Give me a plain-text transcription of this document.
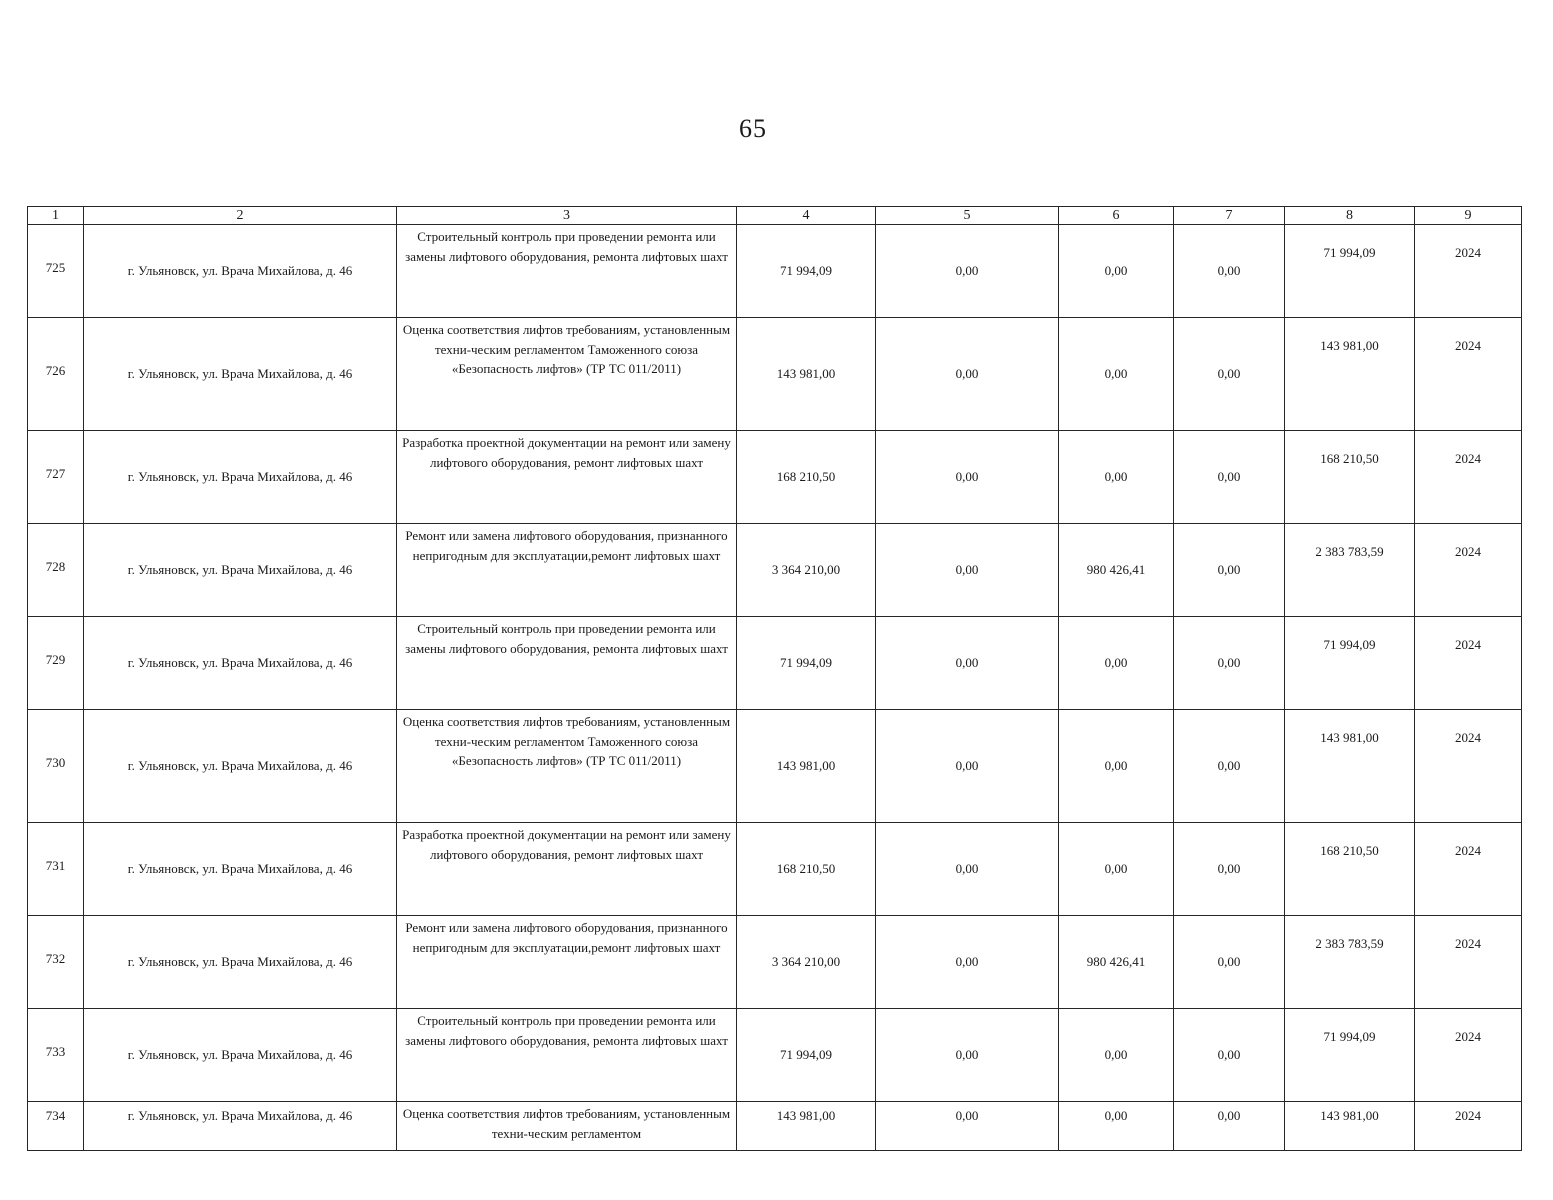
65
1	2	3	4	5	6	7	8	9
725	г. Ульяновск, ул. Врача Михайлова, д. 46	Строительный контроль при проведении ремонта или замены лифтового оборудования, ремонта лифтовых шахт	71 994,09	0,00	0,00	0,00	71 994,09	2024
726	г. Ульяновск, ул. Врача Михайлова, д. 46	Оценка соответствия лифтов требованиям, установленным техни-ческим регламентом Таможенного союза «Безопасность лифтов» (ТР ТС 011/2011)	143 981,00	0,00	0,00	0,00	143 981,00	2024
727	г. Ульяновск, ул. Врача Михайлова, д. 46	Разработка проектной документации на ремонт или замену лифтового оборудования, ремонт лифтовых шахт	168 210,50	0,00	0,00	0,00	168 210,50	2024
728	г. Ульяновск, ул. Врача Михайлова, д. 46	Ремонт или замена лифтового оборудования, признанного непригодным для эксплуатации,ремонт лифтовых шахт	3 364 210,00	0,00	980 426,41	0,00	2 383 783,59	2024
729	г. Ульяновск, ул. Врача Михайлова, д. 46	Строительный контроль при проведении ремонта или замены лифтового оборудования, ремонта лифтовых шахт	71 994,09	0,00	0,00	0,00	71 994,09	2024
730	г. Ульяновск, ул. Врача Михайлова, д. 46	Оценка соответствия лифтов требованиям, установленным техни-ческим регламентом Таможенного союза «Безопасность лифтов» (ТР ТС 011/2011)	143 981,00	0,00	0,00	0,00	143 981,00	2024
731	г. Ульяновск, ул. Врача Михайлова, д. 46	Разработка проектной документации на ремонт или замену лифтового оборудования, ремонт лифтовых шахт	168 210,50	0,00	0,00	0,00	168 210,50	2024
732	г. Ульяновск, ул. Врача Михайлова, д. 46	Ремонт или замена лифтового оборудования, признанного непригодным для эксплуатации,ремонт лифтовых шахт	3 364 210,00	0,00	980 426,41	0,00	2 383 783,59	2024
733	г. Ульяновск, ул. Врача Михайлова, д. 46	Строительный контроль при проведении ремонта или замены лифтового оборудования, ремонта лифтовых шахт	71 994,09	0,00	0,00	0,00	71 994,09	2024
734	г. Ульяновск, ул. Врача Михайлова, д. 46	Оценка соответствия лифтов требованиям, установленным техни-ческим регламентом	143 981,00	0,00	0,00	0,00	143 981,00	2024
